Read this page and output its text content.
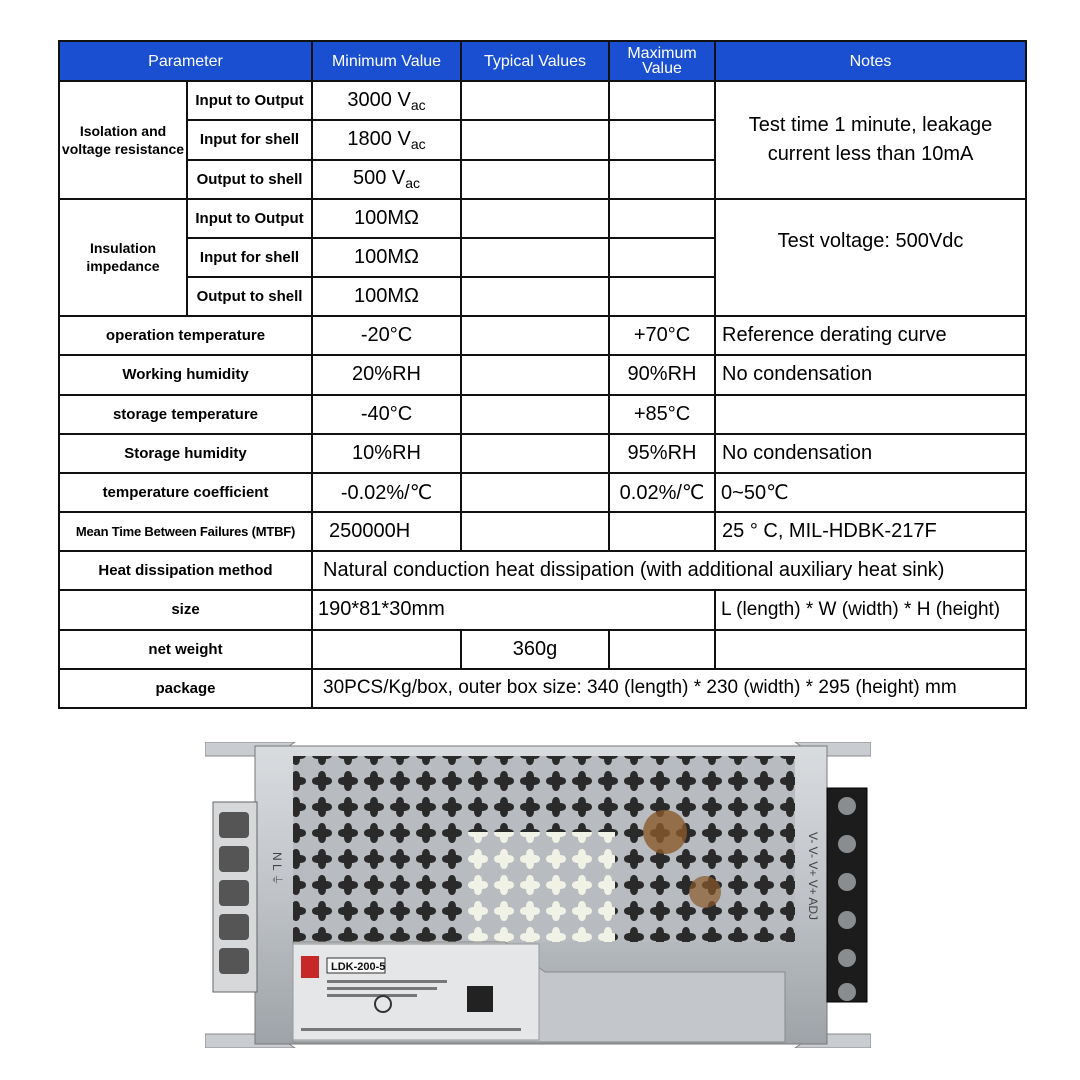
Parameter		Minimum Value	Typical Values	Maximum Value	Notes
Isolation and voltage resistance	Input to Output	3000 $V_{ac}$			Test time 1 minute, leakage current less than 10mA
	Input for shell	1800 $V_{ac}$		
	Output to shell	500 $V_{ac}$		
Insulation impedance	Input to Output	100MΩ			Test voltage: 500Vdc
	Input for shell	100MΩ			
	Output to shell	100MΩ			
operation temperature		-20°C		+70°C	Reference derating curve
Working humidity		20%RH		90%RH	No condensation
storage temperature		-40°C		+85°C	
Storage humidity		10%RH		95%RH	No condensation
temperature coefficient		-0.02%/℃		0.02%/℃	0~50℃
Mean Time Between Failures (MTBF)		250000H			25 ° C, MIL-HDBK-217F
Heat dissipation method		Natural conduction heat dissipation (with additional auxiliary heat sink)			
size		190*81*30mm			L (length) * W (width) * H (height)
net weight			360g		
package		30PCS/Kg/box, outer box size: 340 (length) * 230 (width) * 295 (height) mm			
LDK-200-5
N L ⏚	V- V- V+ V+ ADJ
